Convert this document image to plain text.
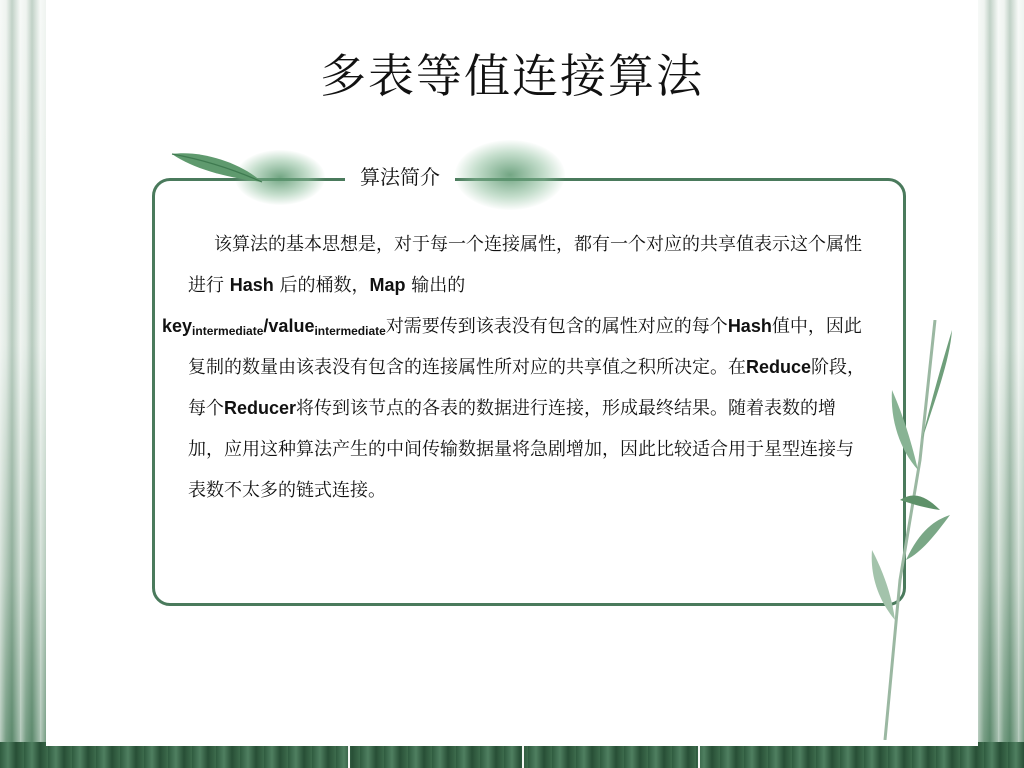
多表等值连接算法
算法简介

该算法的基本思想是，对于每一个连接属性，都有一个对应的共享值表示这个属性进行 Hash 后的桶数，Map 输出的
key$_{intermediate}$/value$_{intermediate}$对需要传到该表没有包含的属性对应的每个Hash值中，因此复制的数量由该表没有包含的连接属性所对应的共享值之积所决定。在Reduce阶段，每个Reducer将传到该节点的各表的数据进行连接，形成最终结果。随着表数的增加，应用这种算法产生的中间传输数据量将急剧增加，因此比较适合用于星型连接与表数不太多的链式连接。
